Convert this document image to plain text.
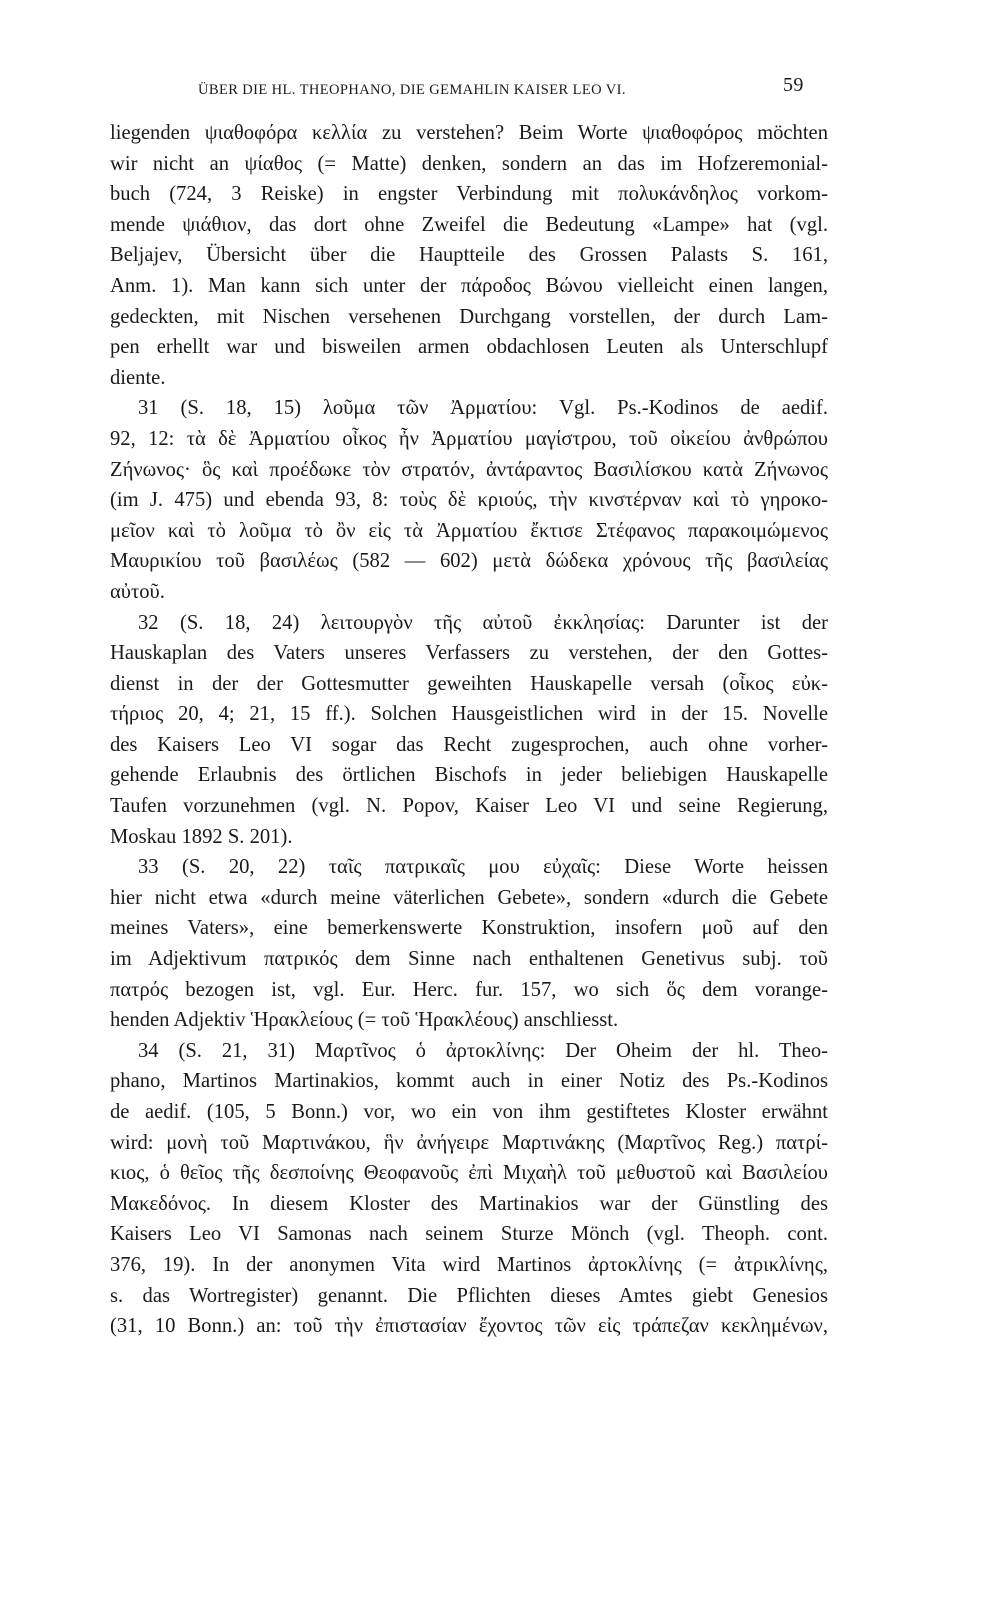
ÜBER DIE HL. THEOPHANO, DIE GEMAHLIN KAISER LEO VI.	59
liegenden ψιαθοφόρα κελλία zu verstehen? Beim Worte ψιαθοφόρος möchten
wir nicht an ψίαθος (= Matte) denken, sondern an das im Hofzeremonial-
buch (724, 3 Reiske) in engster Verbindung mit πολυκάνδηλος vorkom-
mende ψιάθιον, das dort ohne Zweifel die Bedeutung «Lampe» hat (vgl.
Beljajev, Übersicht über die Hauptteile des Grossen Palasts S. 161,
Anm. 1). Man kann sich unter der πάροδος Βώνου vielleicht einen langen,
gedeckten, mit Nischen versehenen Durchgang vorstellen, der durch Lam-
pen erhellt war und bisweilen armen obdachlosen Leuten als Unterschlupf
diente.
31 (S. 18, 15) λοῦμα τῶν Ἀρματίου: Vgl. Ps.-Kodinos de aedif.
92, 12: τὰ δὲ Ἀρματίου οἶκος ἦν Ἀρματίου μαγίστρου, τοῦ οἰκείου ἀνθρώπου
Ζήνωνος· ὃς καὶ προέδωκε τὸν στρατόν, ἀντάραντος Βασιλίσκου κατὰ Ζήνωνος
(im J. 475) und ebenda 93, 8: τοὺς δὲ κριούς, τὴν κινστέρναν καὶ τὸ γηροκο-
μεῖον καὶ τὸ λοῦμα τὸ ὂν εἰς τὰ Ἀρματίου ἔκτισε Στέφανος παρακοιμώμενος
Μαυρικίου τοῦ βασιλέως (582 — 602) μετὰ δώδεκα χρόνους τῆς βασιλείας
αὐτοῦ.
32 (S. 18, 24) λειτουργὸν τῆς αὐτοῦ ἐκκλησίας: Darunter ist der
Hauskaplan des Vaters unseres Verfassers zu verstehen, der den Gottes-
dienst in der der Gottesmutter geweihten Hauskapelle versah (οἶκος εὐκ-
τήριος 20, 4; 21, 15 ff.). Solchen Hausgeistlichen wird in der 15. Novelle
des Kaisers Leo VI sogar das Recht zugesprochen, auch ohne vorher-
gehende Erlaubnis des örtlichen Bischofs in jeder beliebigen Hauskapelle
Taufen vorzunehmen (vgl. N. Popov, Kaiser Leo VI und seine Regierung,
Moskau 1892 S. 201).
33 (S. 20, 22) ταῖς πατρικαῖς μου εὐχαῖς: Diese Worte heissen
hier nicht etwa «durch meine väterlichen Gebete», sondern «durch die Gebete
meines Vaters», eine bemerkenswerte Konstruktion, insofern μοῦ auf den
im Adjektivum πατρικός dem Sinne nach enthaltenen Genetivus subj. τοῦ
πατρός bezogen ist, vgl. Eur. Herc. fur. 157, wo sich ὅς dem vorange-
henden Adjektiv Ἡρακλείους (= τοῦ Ἡρακλέους) anschliesst.
34 (S. 21, 31) Μαρτῖνος ὁ ἀρτοκλίνης: Der Oheim der hl. Theo-
phano, Martinos Martinakios, kommt auch in einer Notiz des Ps.-Kodinos
de aedif. (105, 5 Bonn.) vor, wo ein von ihm gestiftetes Kloster erwähnt
wird: μονὴ τοῦ Μαρτινάκου, ἣν ἀνήγειρε Μαρτινάκης (Μαρτῖνος Reg.) πατρί-
κιος, ὁ θεῖος τῆς δεσποίνης Θεοφανοῦς ἐπὶ Μιχαὴλ τοῦ μεθυστοῦ καὶ Βασιλείου
Μακεδόνος. In diesem Kloster des Martinakios war der Günstling des
Kaisers Leo VI Samonas nach seinem Sturze Mönch (vgl. Theoph. cont.
376, 19). In der anonymen Vita wird Martinos ἀρτοκλίνης (= ἀτρικλίνης,
s. das Wortregister) genannt. Die Pflichten dieses Amtes giebt Genesios
(31, 10 Bonn.) an: τοῦ τὴν ἐπιστασίαν ἔχοντος τῶν εἰς τράπεζαν κεκλημένων,
